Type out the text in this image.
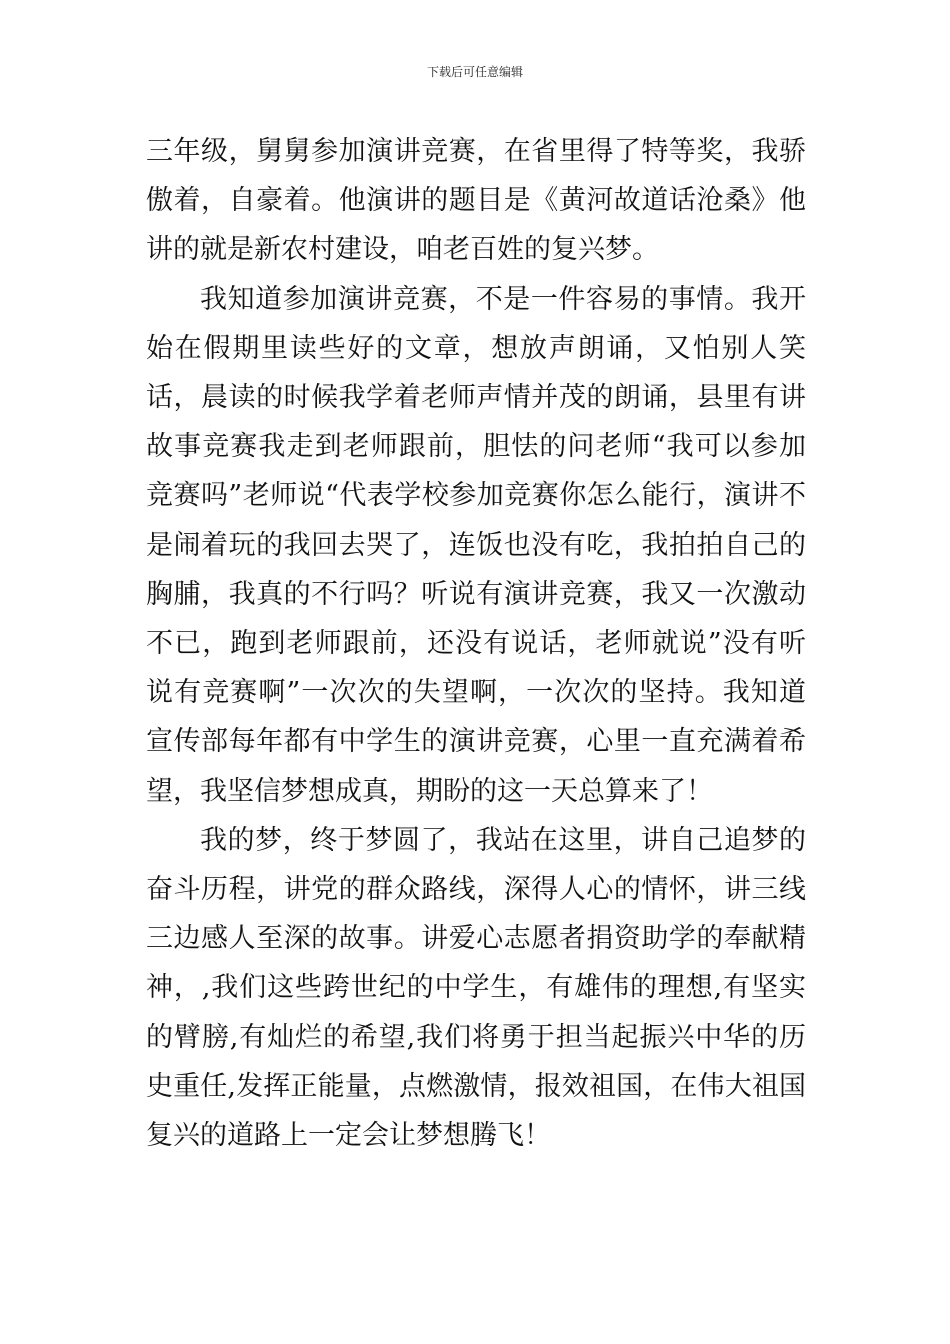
下载后可任意编辑

三年级，舅舅参加演讲竞赛，在省里得了特等奖，我骄傲着，自豪着。他演讲的题目是《黄河故道话沧桑》他讲的就是新农村建设，咱老百姓的复兴梦。

我知道参加演讲竞赛，不是一件容易的事情。我开始在假期里读些好的文章，想放声朗诵，又怕别人笑话，晨读的时候我学着老师声情并茂的朗诵，县里有讲故事竞赛我走到老师跟前，胆怯的问老师“我可以参加竞赛吗”老师说“代表学校参加竞赛你怎么能行，演讲不是闹着玩的我回去哭了，连饭也没有吃，我拍拍自己的胸脯，我真的不行吗？听说有演讲竞赛，我又一次激动不已，跑到老师跟前，还没有说话，老师就说”没有听说有竞赛啊”一次次的失望啊，一次次的坚持。我知道宣传部每年都有中学生的演讲竞赛，心里一直充满着希望，我坚信梦想成真，期盼的这一天总算来了！

我的梦，终于梦圆了，我站在这里，讲自己追梦的奋斗历程，讲党的群众路线，深得人心的情怀，讲三线三边感人至深的故事。讲爱心志愿者捐资助学的奉献精神，,我们这些跨世纪的中学生，有雄伟的理想,有坚实的臂膀,有灿烂的希望,我们将勇于担当起振兴中华的历史重任,发挥正能量，点燃激情，报效祖国，在伟大祖国复兴的道路上一定会让梦想腾飞！
